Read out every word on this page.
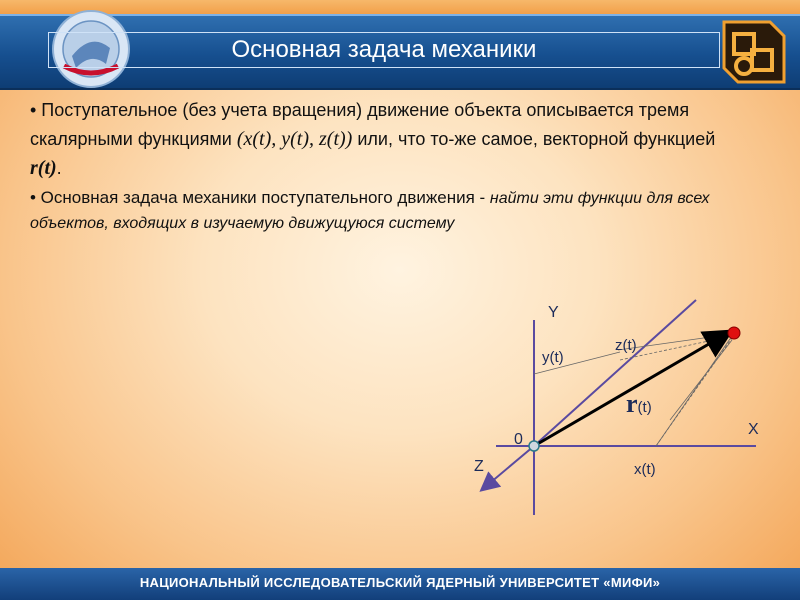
Основная задача механики

• Поступательное (без учета вращения) движение объекта описывается тремя скалярными функциями (x(t), y(t), z(t)) или, что то-же самое, векторной функцией r(t).

• Основная задача механики поступательного движения - найти эти функции для всех объектов, входящих в изучаемую движущуюся систему

Y
X
Z
0
y(t)
z(t)
x(t)
r(t)
НАЦИОНАЛЬНЫЙ ИССЛЕДОВАТЕЛЬСКИЙ ЯДЕРНЫЙ УНИВЕРСИТЕТ «МИФИ»
